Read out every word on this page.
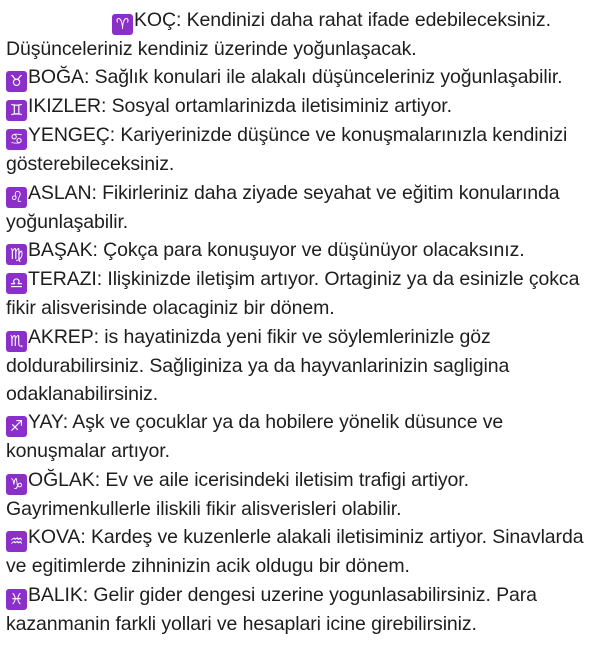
♈ KOÇ: Kendinizi daha rahat ifade edebileceksiniz. Düşünceleriniz kendiniz üzerinde yoğunlaşacak.

♉ BOĞA: Sağlık konulari ile alakalı düşünceleriniz yoğunlaşabilir.

♊ IKIZLER: Sosyal ortamlarinizda iletisiminiz artiyor.

♋ YENGEÇ: Kariyerinizde düşünce ve konuşmalarınızla kendinizi gösterebileceksiniz.

♌ ASLAN: Fikirleriniz daha ziyade seyahat ve eğitim konularında yoğunlaşabilir.

♍ BAŞAK: Çokça para konuşuyor ve düşünüyor olacaksınız.

♎ TERAZI: Ilişkinizde iletişim artıyor. Ortaginiz ya da esinizle çokca fikir alisverisinde olacaginiz bir dönem.

♏ AKREP: is hayatinizda yeni fikir ve söylemlerinizle göz doldurabilirsiniz. Sağliginiza ya da hayvanlarinizin sagligina odaklanabilirsiniz.

♐ YAY: Aşk ve çocuklar ya da hobilere yönelik düsunce ve konuşmalar artıyor.

♑ OĞLAK: Ev ve aile icerisindeki iletisim trafigi artiyor. Gayrimenkullerle iliskili fikir alisverisleri olabilir.

♒ KOVA: Kardeş ve kuzenlerle alakali iletisiminiz artiyor. Sinavlarda ve egitimlerde zihninizin acik oldugu bir dönem.

♓ BALIK: Gelir gider dengesi uzerine yogunlasabilirsiniz. Para kazanmanin farkli yollari ve hesaplari icine girebilirsiniz.
